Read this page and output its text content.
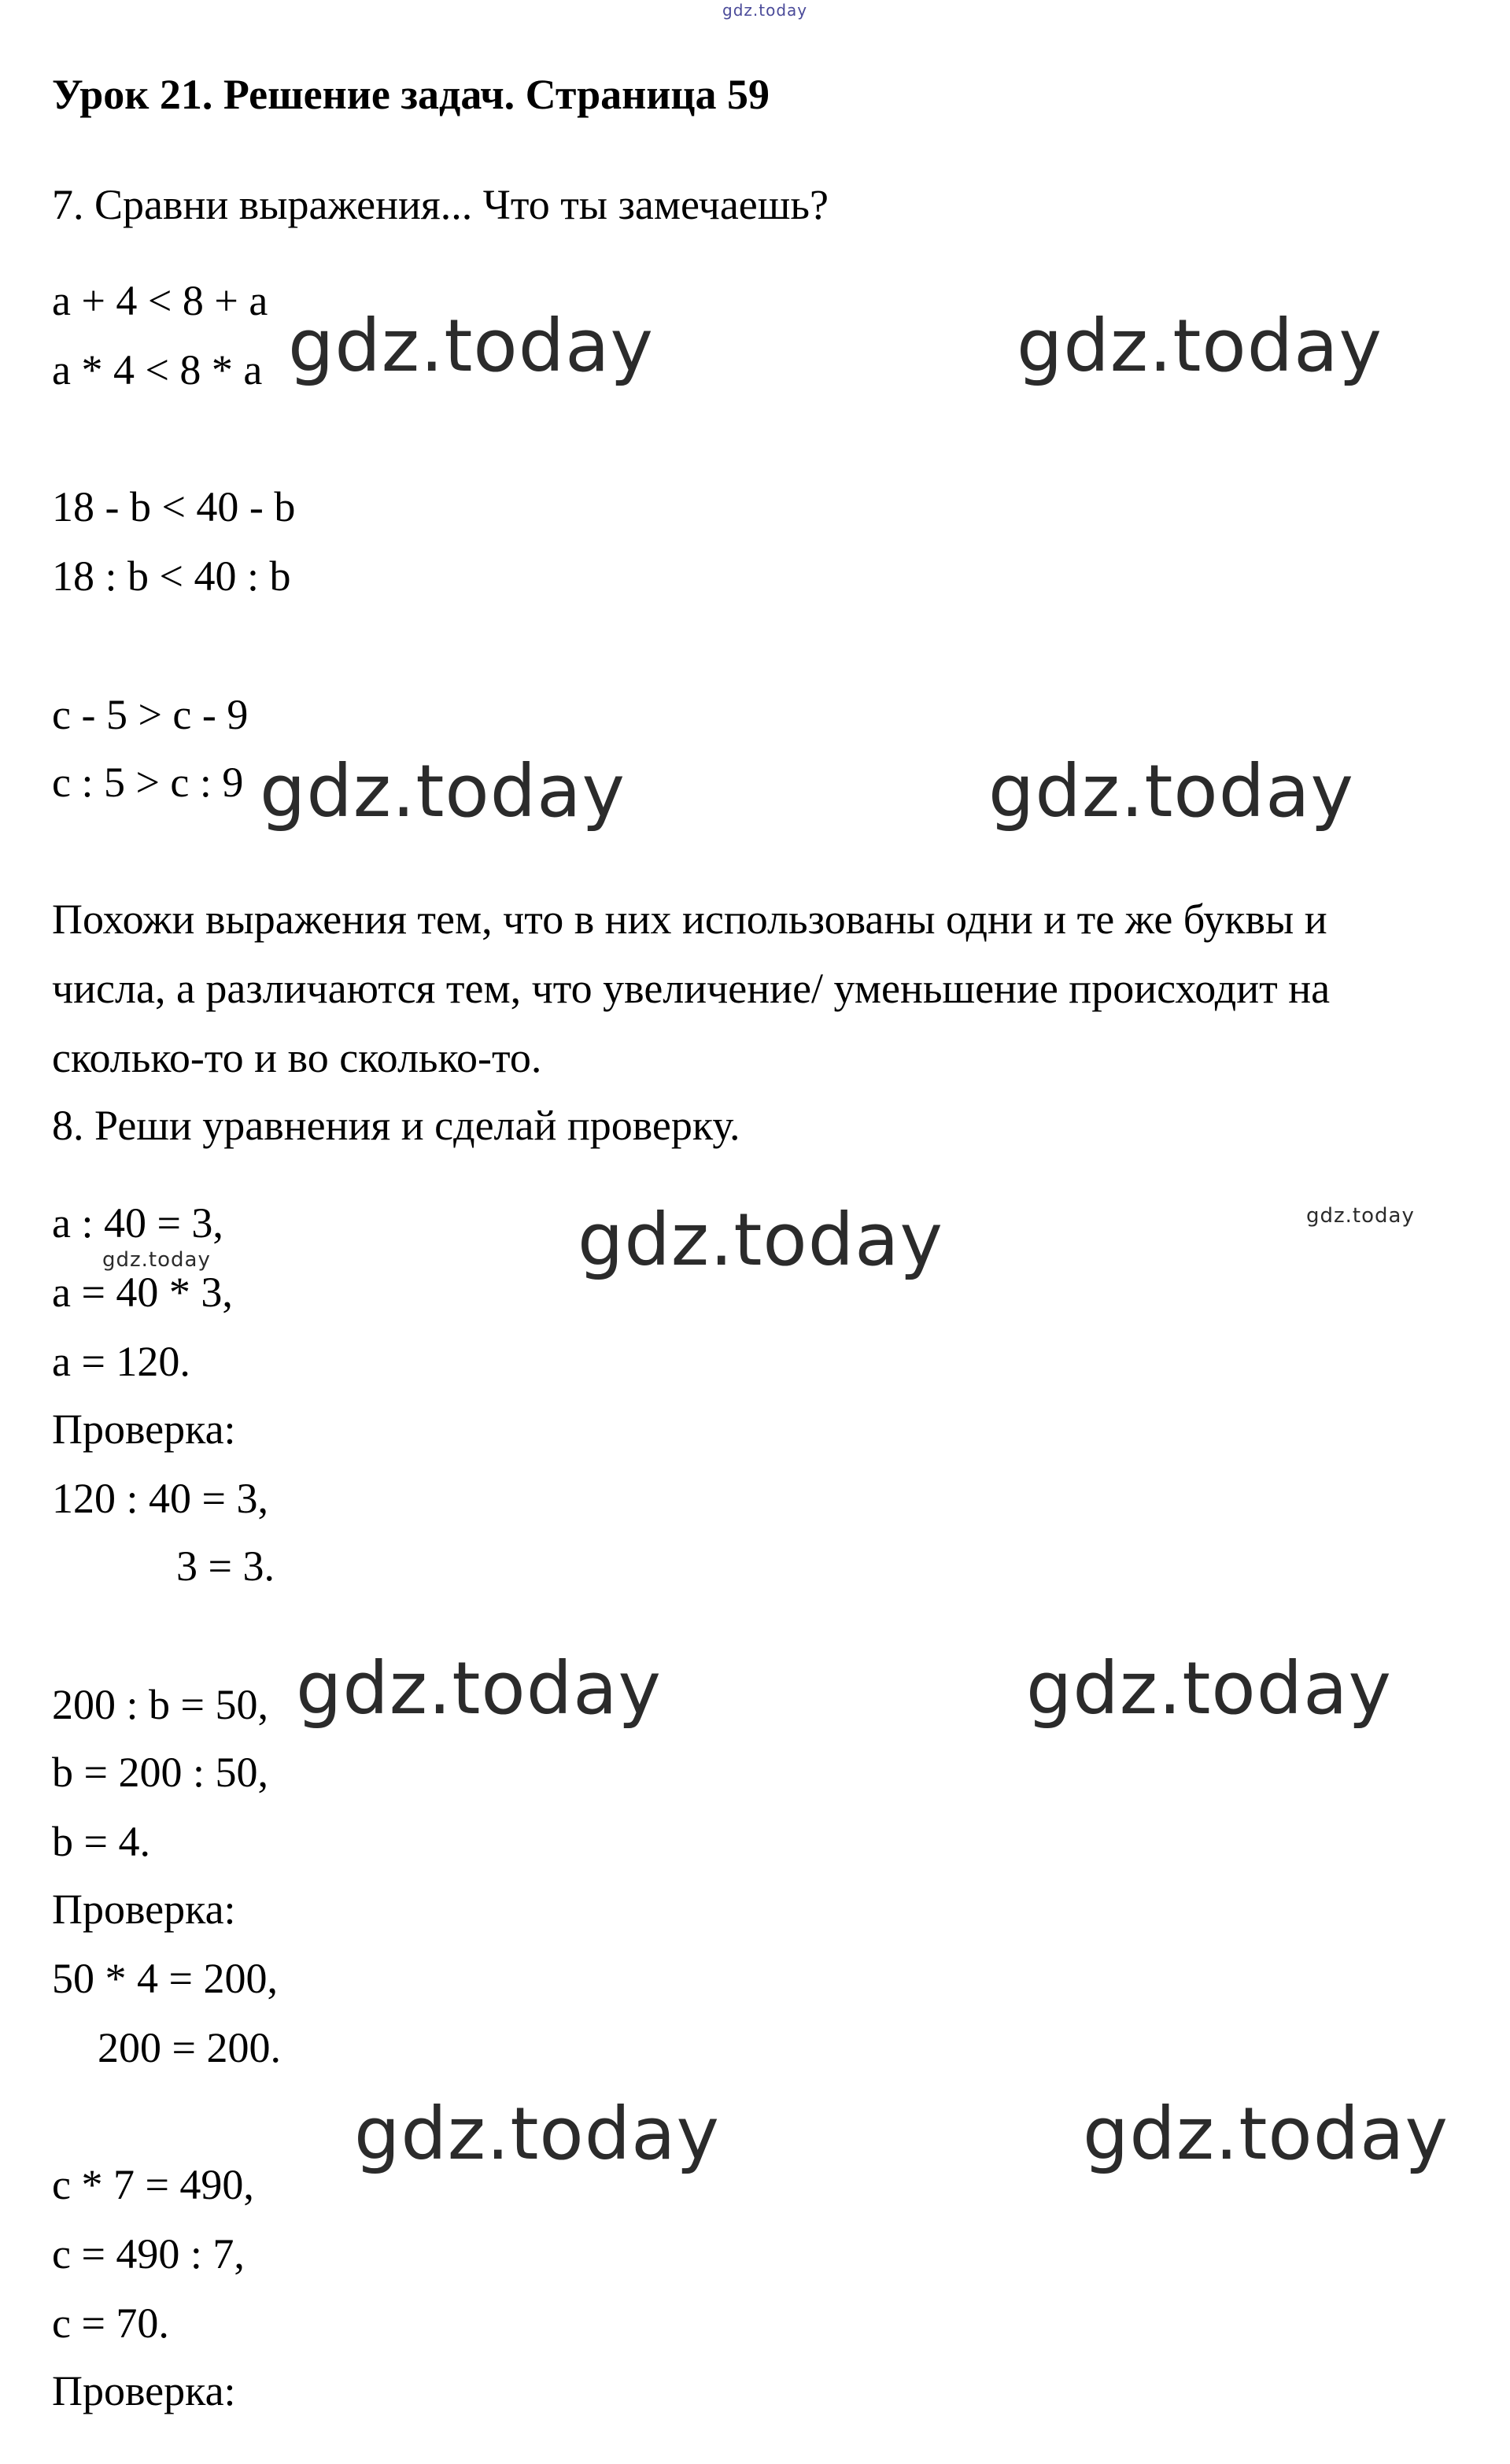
gdz.today
Урок 21. Решение задач. Страница 59
7. Сравни выражения... Что ты замечаешь?
a + 4 < 8 + a
a * 4 < 8 * a
18 - b < 40 - b
18 : b < 40 : b
c - 5 > c - 9
c : 5 > c : 9
Похожи выражения тем, что в них использованы одни и те же буквы и
числа, а различаются тем, что увеличение/ уменьшение происходит на
сколько-то и во сколько-то.
8. Реши уравнения и сделай проверку.
a : 40 = 3,
a = 40 * 3,
a = 120.
Проверка:
120 : 40 = 3,
3 = 3.
200 : b = 50,
b = 200 : 50,
b = 4.
Проверка:
50 * 4 = 200,
200 = 200.
c * 7 = 490,
c = 490 : 7,
c = 70.
Проверка:
gdz.today	gdz.today
gdz.today	gdz.today
gdz.today	gdz.today
gdz.today
gdz.today	gdz.today
gdz.today	gdz.today
